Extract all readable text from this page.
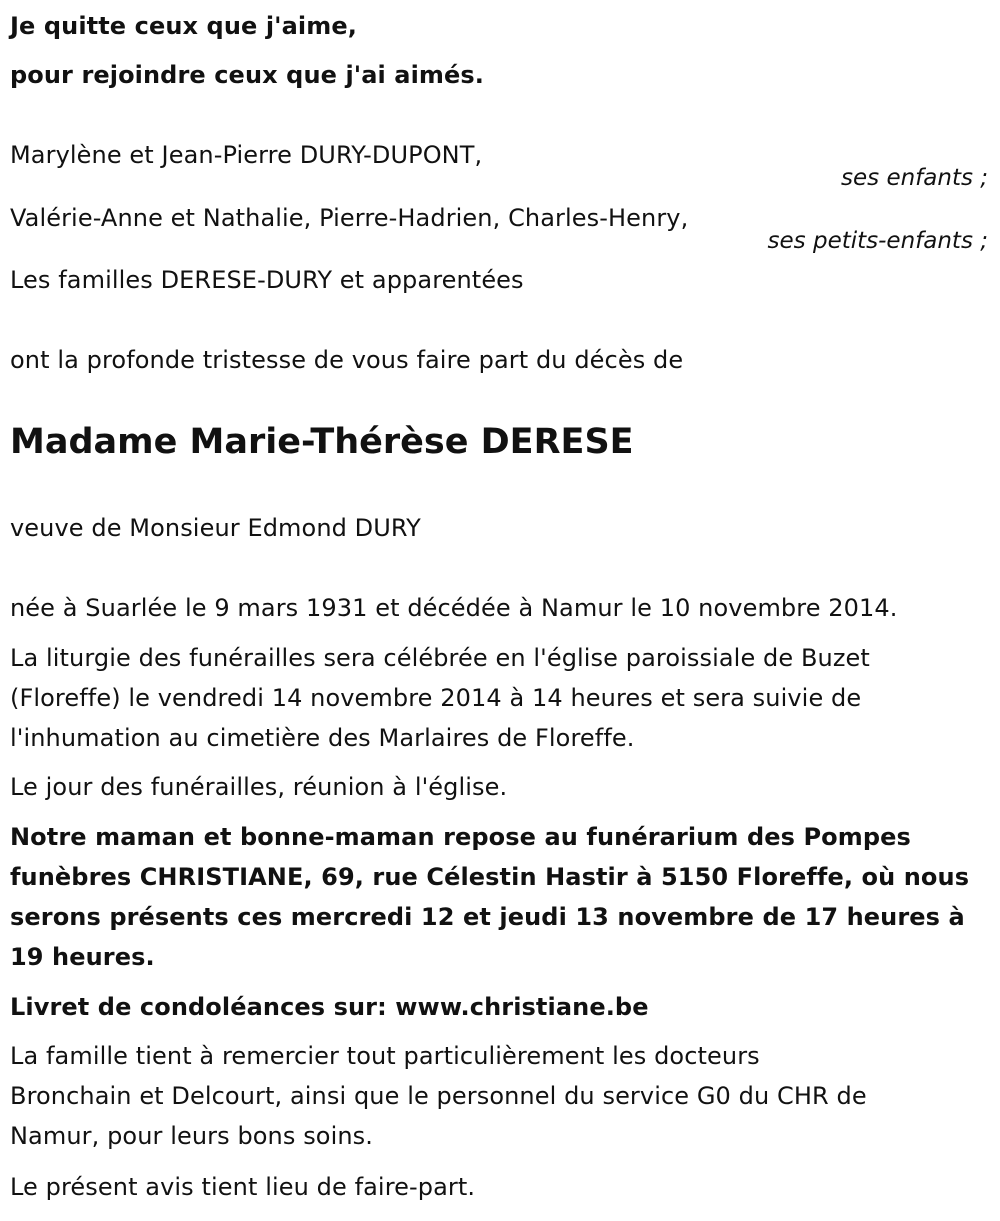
Je quitte ceux que j'aime,
pour rejoindre ceux que j'ai aimés.
Marylène et Jean-Pierre DURY-DUPONT,
ses enfants ;
Valérie-Anne et Nathalie, Pierre-Hadrien, Charles-Henry,
ses petits-enfants ;
Les familles DERESE-DURY et apparentées
ont la profonde tristesse de vous faire part du décès de
Madame Marie-Thérèse DERESE
veuve de Monsieur Edmond DURY
née à Suarlée le 9 mars 1931 et décédée à Namur le 10 novembre 2014.
La liturgie des funérailles sera célébrée en l'église paroissiale de Buzet
(Floreffe) le vendredi 14 novembre 2014 à 14 heures et sera suivie de
l'inhumation au cimetière des Marlaires de Floreffe.
Le jour des funérailles, réunion à l'église.
Notre maman et bonne-maman repose au funérarium des Pompes
funèbres CHRISTIANE, 69, rue Célestin Hastir à 5150 Floreffe, où nous
serons présents ces mercredi 12 et jeudi 13 novembre de 17 heures à
19 heures.
Livret de condoléances sur: www.christiane.be
La famille tient à remercier tout particulièrement les docteurs
Bronchain et Delcourt, ainsi que le personnel du service G0 du CHR de
Namur, pour leurs bons soins.
Le présent avis tient lieu de faire-part.
